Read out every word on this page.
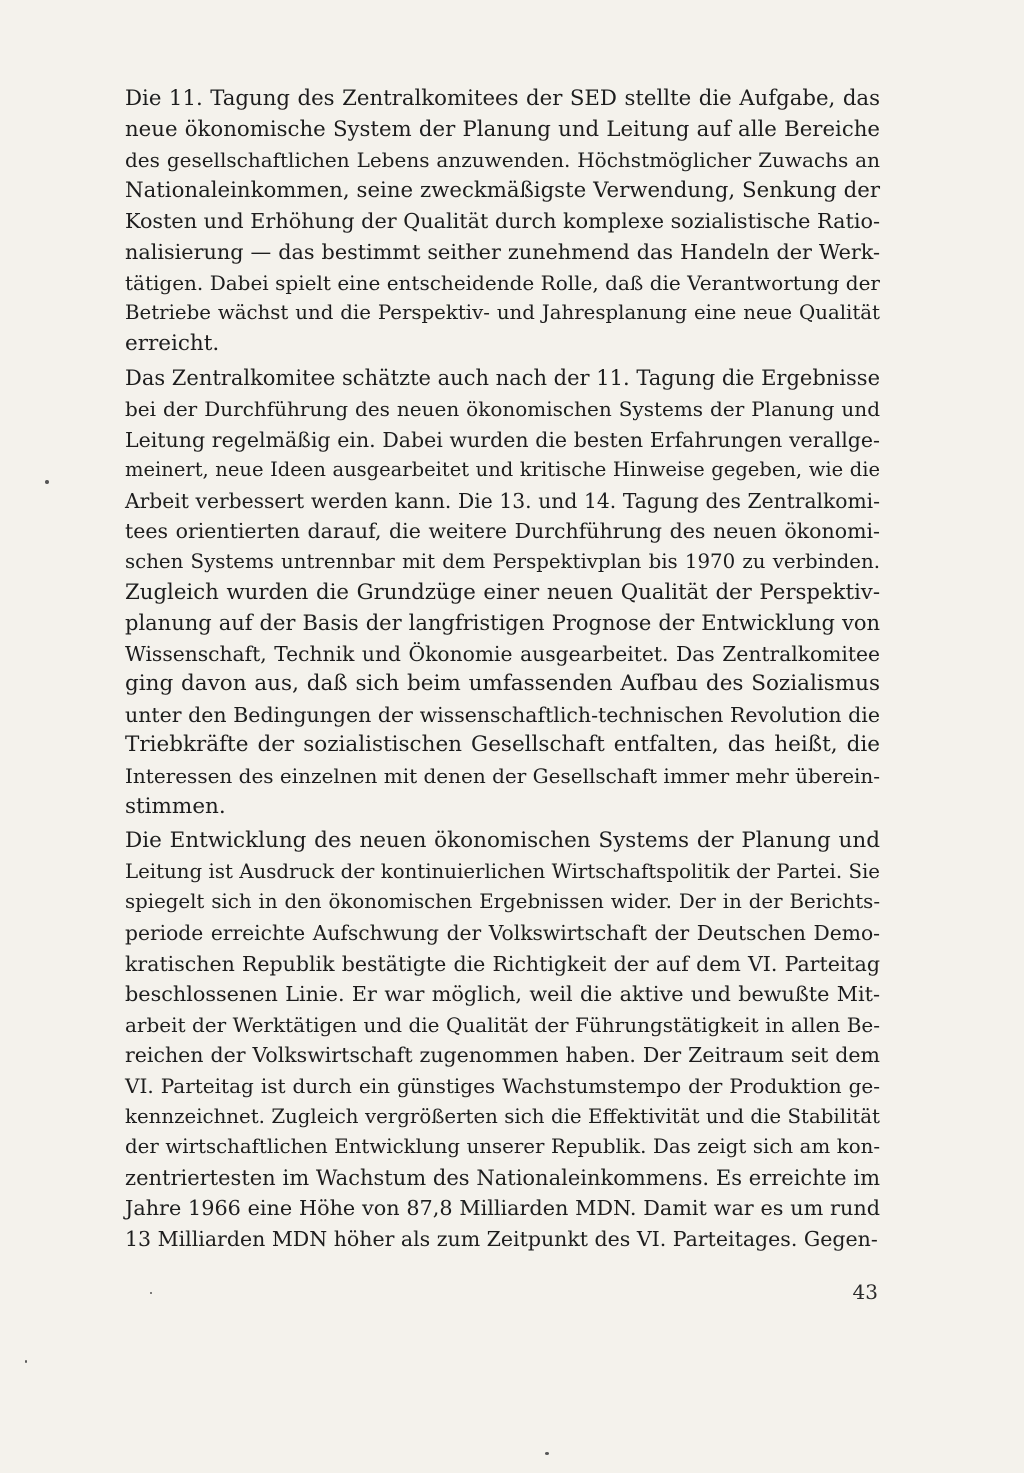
Die 11. Tagung des Zentralkomitees der SED stellte die Aufgabe, das
neue ökonomische System der Planung und Leitung auf alle Bereiche
des gesellschaftlichen Lebens anzuwenden. Höchstmöglicher Zuwachs an
Nationaleinkommen, seine zweckmäßigste Verwendung, Senkung der
Kosten und Erhöhung der Qualität durch komplexe sozialistische Ratio-
nalisierung — das bestimmt seither zunehmend das Handeln der Werk-
tätigen. Dabei spielt eine entscheidende Rolle, daß die Verantwortung der
Betriebe wächst und die Perspektiv- und Jahresplanung eine neue Qualität
erreicht.
Das Zentralkomitee schätzte auch nach der 11. Tagung die Ergebnisse
bei der Durchführung des neuen ökonomischen Systems der Planung und
Leitung regelmäßig ein. Dabei wurden die besten Erfahrungen verallge-
meinert, neue Ideen ausgearbeitet und kritische Hinweise gegeben, wie die
Arbeit verbessert werden kann. Die 13. und 14. Tagung des Zentralkomi-
tees orientierten darauf, die weitere Durchführung des neuen ökonomi-
schen Systems untrennbar mit dem Perspektivplan bis 1970 zu verbinden.
Zugleich wurden die Grundzüge einer neuen Qualität der Perspektiv-
planung auf der Basis der langfristigen Prognose der Entwicklung von
Wissenschaft, Technik und Ökonomie ausgearbeitet. Das Zentralkomitee
ging davon aus, daß sich beim umfassenden Aufbau des Sozialismus
unter den Bedingungen der wissenschaftlich-technischen Revolution die
Triebkräfte der sozialistischen Gesellschaft entfalten, das heißt, die
Interessen des einzelnen mit denen der Gesellschaft immer mehr überein-
stimmen.
Die Entwicklung des neuen ökonomischen Systems der Planung und
Leitung ist Ausdruck der kontinuierlichen Wirtschaftspolitik der Partei. Sie
spiegelt sich in den ökonomischen Ergebnissen wider. Der in der Berichts-
periode erreichte Aufschwung der Volkswirtschaft der Deutschen Demo-
kratischen Republik bestätigte die Richtigkeit der auf dem VI. Parteitag
beschlossenen Linie. Er war möglich, weil die aktive und bewußte Mit-
arbeit der Werktätigen und die Qualität der Führungstätigkeit in allen Be-
reichen der Volkswirtschaft zugenommen haben. Der Zeitraum seit dem
VI. Parteitag ist durch ein günstiges Wachstumstempo der Produktion ge-
kennzeichnet. Zugleich vergrößerten sich die Effektivität und die Stabilität
der wirtschaftlichen Entwicklung unserer Republik. Das zeigt sich am kon-
zentriertesten im Wachstum des Nationaleinkommens. Es erreichte im
Jahre 1966 eine Höhe von 87,8 Milliarden MDN. Damit war es um rund
13 Milliarden MDN höher als zum Zeitpunkt des VI. Parteitages. Gegen-
43
